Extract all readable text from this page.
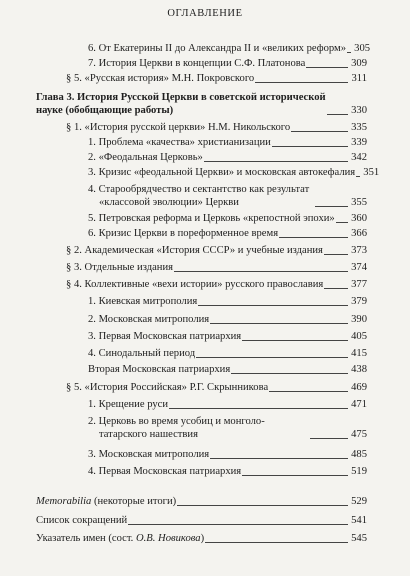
ОГЛАВЛЕНИЕ
6. От Екатерины II до Александра II и «великих реформ» 305
7. История Церкви в концепции С.Ф. Платонова	309
§ 5. «Русская история» М.Н. Покровского	311
Глава 3. История Русской Церкви в советской исторической науке (обобщающие работы)	330
§ 1. «История русской церкви» Н.М. Никольского	335
1. Проблема «качества» христианизации	339
2. «Феодальная Церковь»	342
3. Кризис «феодальной Церкви» и московская автокефалия 351
4. Старообрядчество и сектантство как результат «классовой эволюции» Церкви	355
5. Петровская реформа и Церковь «крепостной эпохи» 360
6. Кризис Церкви в пореформенное время	366
§ 2. Академическая «История СССР» и учебные издания	373
§ 3. Отдельные издания	374
§ 4. Коллективные «вехи истории» русского православия	377
1. Киевская митрополия	379
2. Московская митрополия	390
3. Первая Московская патриархия	405
4. Синодальный период	415
Вторая Московская патриархия	438
§ 5. «История Российская» Р.Г. Скрынникова	469
1. Крещение руси	471
2. Церковь во время усобиц и монголо-татарского нашествия	475
3. Московская митрополия	485
4. Первая Московская патриархия	519
Memorabilia (некоторые итоги)	529
Список сокращений	541
Указатель имен (сост. О.В. Новикова)	545
